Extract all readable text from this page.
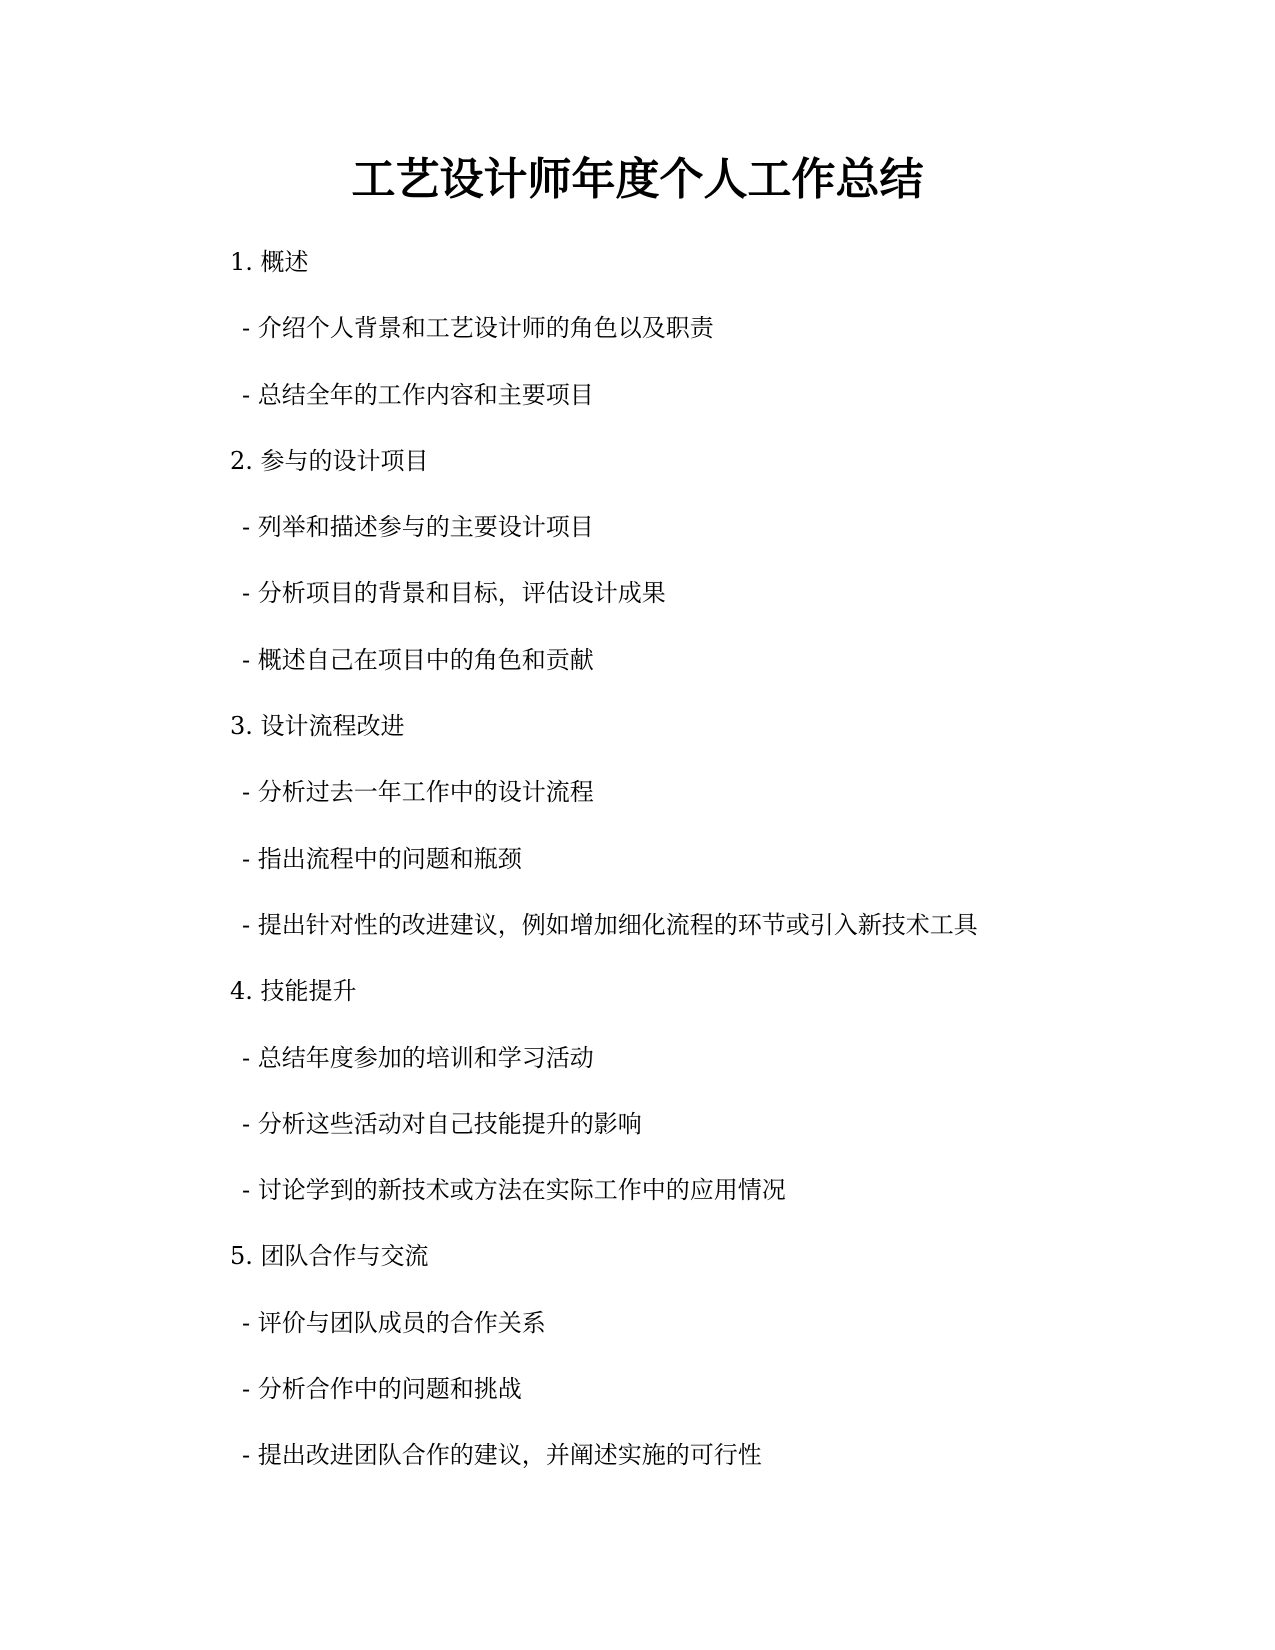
工艺设计师年度个人工作总结
1. 概述
- 介绍个人背景和工艺设计师的角色以及职责
- 总结全年的工作内容和主要项目
2. 参与的设计项目
- 列举和描述参与的主要设计项目
- 分析项目的背景和目标，评估设计成果
- 概述自己在项目中的角色和贡献
3. 设计流程改进
- 分析过去一年工作中的设计流程
- 指出流程中的问题和瓶颈
- 提出针对性的改进建议，例如增加细化流程的环节或引入新技术工具
4. 技能提升
- 总结年度参加的培训和学习活动
- 分析这些活动对自己技能提升的影响
- 讨论学到的新技术或方法在实际工作中的应用情况
5. 团队合作与交流
- 评价与团队成员的合作关系
- 分析合作中的问题和挑战
- 提出改进团队合作的建议，并阐述实施的可行性
